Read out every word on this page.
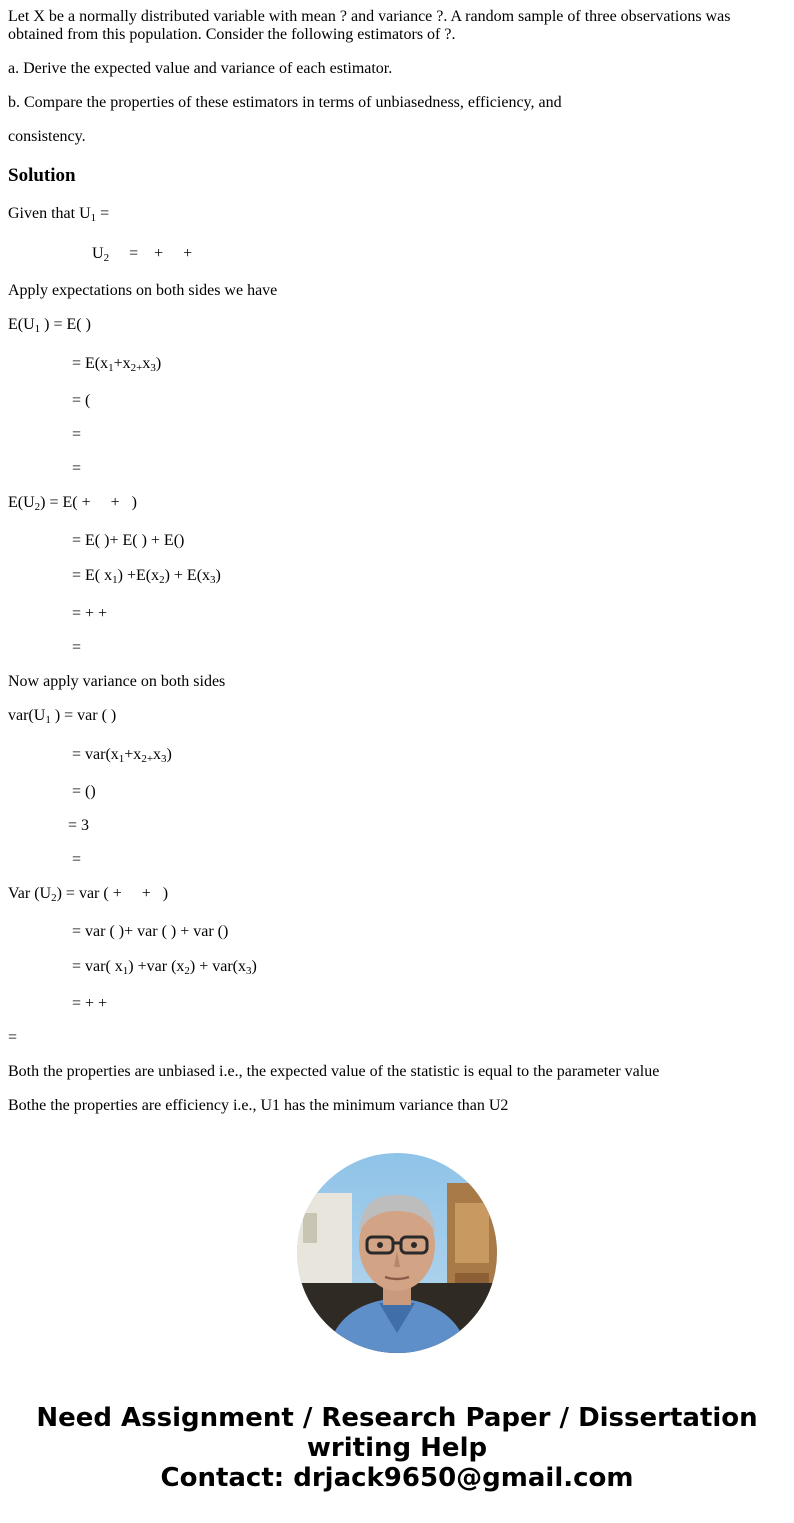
Let X be a normally distributed variable with mean ? and variance ?. A random sample of three observations was obtained from this population. Consider the following estimators of ?.
a. Derive the expected value and variance of each estimator.
b. Compare the properties of these estimators in terms of unbiasedness, efficiency, and
consistency.
Solution
Given that $U_1$ =
$U_2$     =    +     +
Apply expectations on both sides we have
$E(U_1$ ) = E( )
= $E(x_1+x_{2+}x_3)$
= (
=
=
$E(U_2) = E$( +     +   )
= E( )+ E( ) + E()
= E( $x_1) +E(x_2) + E(x_3)$
= + +
=
Now apply variance on both sides
$var(U_1$ ) = var ( )
= $var(x_1+x_{2+}x_3)$
= ()
= 3
=
Var $(U_2)$ = var ( +     +   )
= var ( )+ var ( ) + var ()
= var( $x_1) +var$ $(x_2) + var(x_3)$
= + +
=
Both the properties are unbiased i.e., the expected value of the statistic is equal to the parameter value
Bothe the properties are efficiency i.e., U1 has the minimum variance than U2
Need Assignment / Research Paper / Dissertation
writing Help
Contact: drjack9650@gmail.com
